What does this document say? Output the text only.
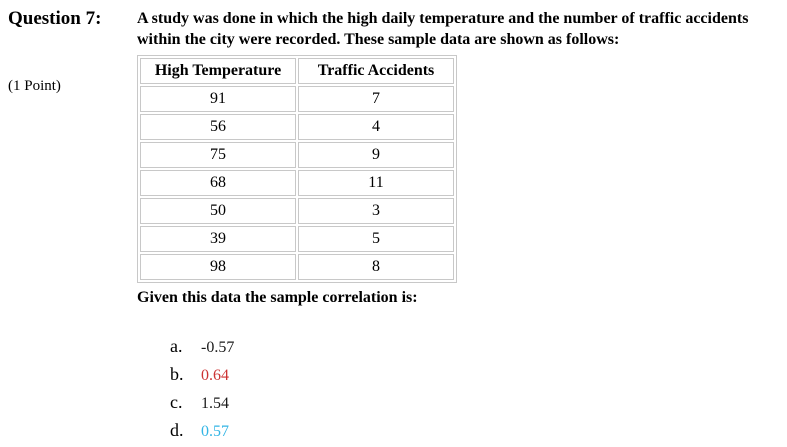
Question 7:
(1 Point)
A study was done in which the high daily temperature and the number of traffic accidents within the city were recorded. These sample data are shown as follows:
High Temperature	Traffic Accidents
91	7
56	4
75	9
68	11
50	3
39	5
98	8
Given this data the sample correlation is:
a.	-0.57
b.	0.64
c.	1.54
d.	0.57
